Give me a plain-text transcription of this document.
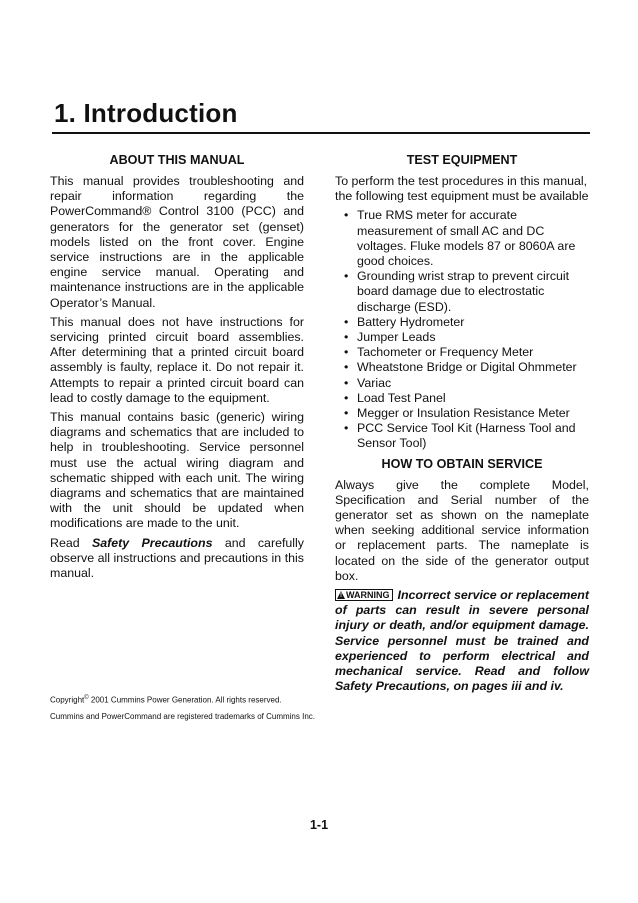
1. Introduction
ABOUT THIS MANUAL

This manual provides troubleshooting and repair information regarding the PowerCommand® Control 3100 (PCC) and generators for the generator set (genset) models listed on the front cover. Engine service instructions are in the applicable engine service manual. Operating and maintenance instructions are in the applicable Operator’s Manual.

This manual does not have instructions for servicing printed circuit board assemblies. After determining that a printed circuit board assembly is faulty, replace it. Do not repair it. Attempts to repair a printed circuit board can lead to costly damage to the equipment.

This manual contains basic (generic) wiring diagrams and schematics that are included to help in troubleshooting. Service personnel must use the actual wiring diagram and schematic shipped with each unit. The wiring diagrams and schematics that are maintained with the unit should be updated when modifications are made to the unit.

Read Safety Precautions and carefully observe all instructions and precautions in this manual.

TEST EQUIPMENT

To perform the test procedures in this manual, the following test equipment must be available

• True RMS meter for accurate measurement of small AC and DC voltages. Fluke models 87 or 8060A are good choices.
• Grounding wrist strap to prevent circuit board damage due to electrostatic discharge (ESD).
• Battery Hydrometer
• Jumper Leads
• Tachometer or Frequency Meter
• Wheatstone Bridge or Digital Ohmmeter
• Variac
• Load Test Panel
• Megger or Insulation Resistance Meter
• PCC Service Tool Kit (Harness Tool and Sensor Tool)
HOW TO OBTAIN SERVICE

Always give the complete Model, Specification and Serial number of the generator set as shown on the nameplate when seeking additional service information or replacement parts. The nameplate is located on the side of the generator output box.

! WARNING Incorrect service or replacement of parts can result in severe personal injury or death, and/or equipment damage. Service personnel must be trained and experienced to perform electrical and mechanical service. Read and follow Safety Precautions, on pages iii and iv.

Copyright© 2001 Cummins Power Generation. All rights reserved.
Cummins and PowerCommand are registered trademarks of Cummins Inc.
1-1
